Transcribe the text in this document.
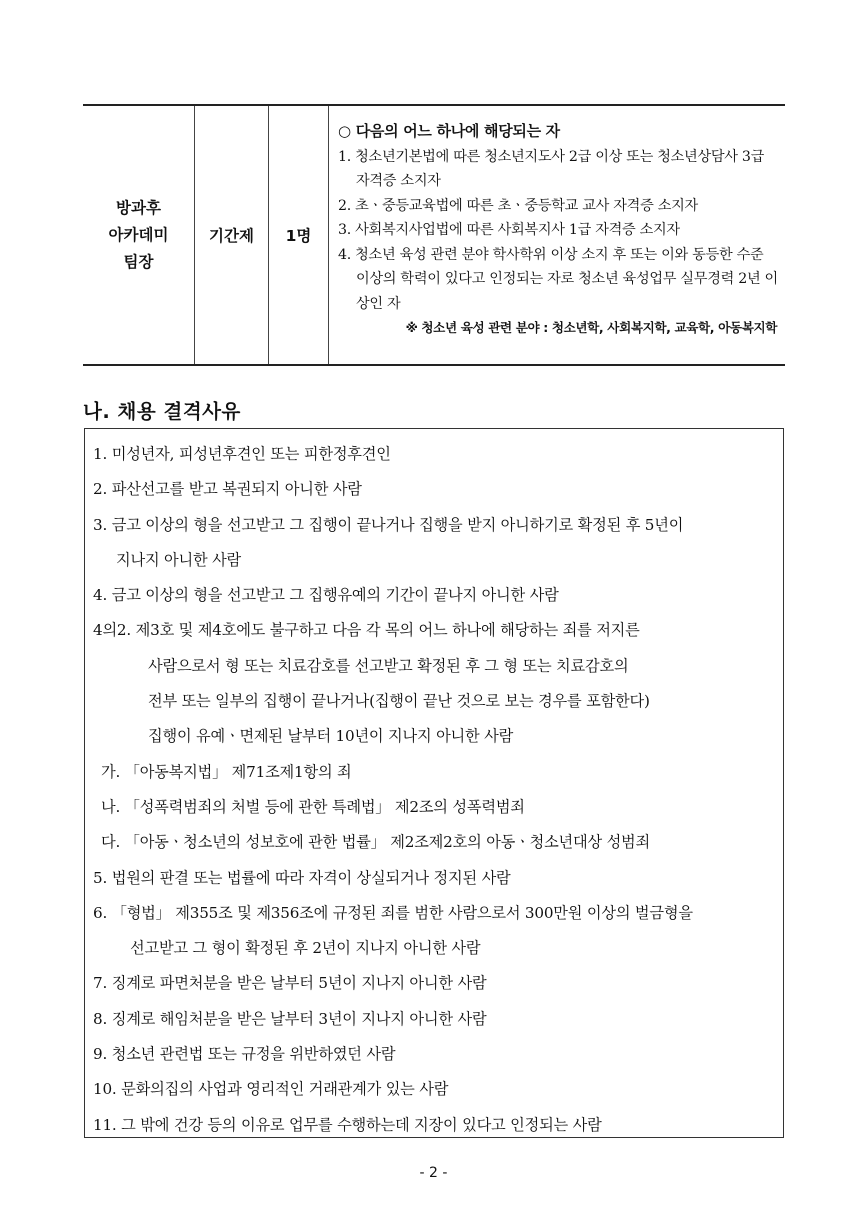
방과후
아카데미
팀장
기간제	1명
○ 다음의 어느 하나에 해당되는 자
1. 청소년기본법에 따른 청소년지도사 2급 이상 또는 청소년상담사 3급 자격증 소지자
2. 초ㆍ중등교육법에 따른 초ㆍ중등학교 교사 자격증 소지자
3. 사회복지사업법에 따른 사회복지사 1급 자격증 소지자
4. 청소년 육성 관련 분야 학사학위 이상 소지 후 또는 이와 동등한 수준 이상의 학력이 있다고 인정되는 자로 청소년 육성업무 실무경력 2년 이상인 자
※ 청소년 육성 관련 분야 : 청소년학, 사회복지학, 교육학, 아동복지학
나. 채용 결격사유
1. 미성년자, 피성년후견인 또는 피한정후견인
2. 파산선고를 받고 복권되지 아니한 사람
3. 금고 이상의 형을 선고받고 그 집행이 끝나거나 집행을 받지 아니하기로 확정된 후 5년이
지나지 아니한 사람
4. 금고 이상의 형을 선고받고 그 집행유예의 기간이 끝나지 아니한 사람
4의2. 제3호 및 제4호에도 불구하고 다음 각 목의 어느 하나에 해당하는 죄를 저지른
사람으로서 형 또는 치료감호를 선고받고 확정된 후 그 형 또는 치료감호의
전부 또는 일부의 집행이 끝나거나(집행이 끝난 것으로 보는 경우를 포함한다)
집행이 유예ㆍ면제된 날부터 10년이 지나지 아니한 사람
가. 「아동복지법」 제71조제1항의 죄
나. 「성폭력범죄의 처벌 등에 관한 특례법」 제2조의 성폭력범죄
다. 「아동ㆍ청소년의 성보호에 관한 법률」 제2조제2호의 아동ㆍ청소년대상 성범죄
5. 법원의 판결 또는 법률에 따라 자격이 상실되거나 정지된 사람
6. 「형법」 제355조 및 제356조에 규정된 죄를 범한 사람으로서 300만원 이상의 벌금형을
선고받고 그 형이 확정된 후 2년이 지나지 아니한 사람
7. 징계로 파면처분을 받은 날부터 5년이 지나지 아니한 사람
8. 징계로 해임처분을 받은 날부터 3년이 지나지 아니한 사람
9. 청소년 관련법 또는 규정을 위반하였던 사람
10. 문화의집의 사업과 영리적인 거래관계가 있는 사람
11. 그 밖에 건강 등의 이유로 업무를 수행하는데 지장이 있다고 인정되는 사람
- 2 -
